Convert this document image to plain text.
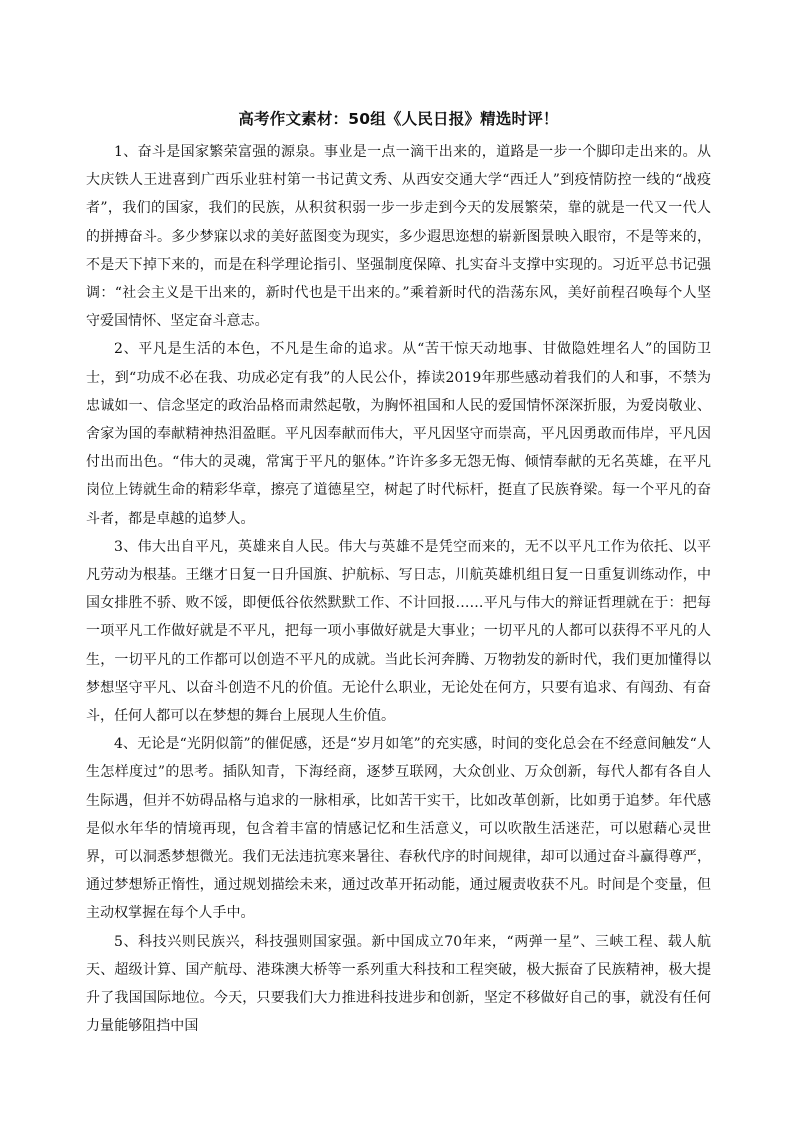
高考作文素材：50组《人民日报》精选时评！

1、奋斗是国家繁荣富强的源泉。事业是一点一滴干出来的，道路是一步一个脚印走出来的。从大庆铁人王进喜到广西乐业驻村第一书记黄文秀、从西安交通大学“西迁人”到疫情防控一线的“战疫者”，我们的国家，我们的民族，从积贫积弱一步一步走到今天的发展繁荣，靠的就是一代又一代人的拼搏奋斗。多少梦寐以求的美好蓝图变为现实，多少遐思迩想的崭新图景映入眼帘，不是等来的，不是天下掉下来的，而是在科学理论指引、坚强制度保障、扎实奋斗支撑中实现的。习近平总书记强调：“社会主义是干出来的，新时代也是干出来的。”乘着新时代的浩荡东风，美好前程召唤每个人坚守爱国情怀、坚定奋斗意志。

2、平凡是生活的本色，不凡是生命的追求。从“苦干惊天动地事、甘做隐姓埋名人”的国防卫士，到“功成不必在我、功成必定有我”的人民公仆，捧读2019年那些感动着我们的人和事，不禁为忠诚如一、信念坚定的政治品格而肃然起敬，为胸怀祖国和人民的爱国情怀深深折服，为爱岗敬业、舍家为国的奉献精神热泪盈眶。平凡因奉献而伟大，平凡因坚守而崇高，平凡因勇敢而伟岸，平凡因付出而出色。“伟大的灵魂，常寓于平凡的躯体。”许许多多无怨无悔、倾情奉献的无名英雄，在平凡岗位上铸就生命的精彩华章，擦亮了道德星空，树起了时代标杆，挺直了民族脊梁。每一个平凡的奋斗者，都是卓越的追梦人。

3、伟大出自平凡，英雄来自人民。伟大与英雄不是凭空而来的，无不以平凡工作为依托、以平凡劳动为根基。王继才日复一日升国旗、护航标、写日志，川航英雄机组日复一日重复训练动作，中国女排胜不骄、败不馁，即便低谷依然默默工作、不计回报……平凡与伟大的辩证哲理就在于：把每一项平凡工作做好就是不平凡，把每一项小事做好就是大事业；一切平凡的人都可以获得不平凡的人生，一切平凡的工作都可以创造不平凡的成就。当此长河奔腾、万物勃发的新时代，我们更加懂得以梦想坚守平凡、以奋斗创造不凡的价值。无论什么职业，无论处在何方，只要有追求、有闯劲、有奋斗，任何人都可以在梦想的舞台上展现人生价值。

4、无论是“光阴似箭”的催促感，还是“岁月如笔”的充实感，时间的变化总会在不经意间触发“人生怎样度过”的思考。插队知青，下海经商，逐梦互联网，大众创业、万众创新，每代人都有各自人生际遇，但并不妨碍品格与追求的一脉相承，比如苦干实干，比如改革创新，比如勇于追梦。年代感是似水年华的情境再现，包含着丰富的情感记忆和生活意义，可以吹散生活迷茫，可以慰藉心灵世界，可以洞悉梦想微光。我们无法违抗寒来暑往、春秋代序的时间规律，却可以通过奋斗赢得尊严，通过梦想矫正惰性，通过规划描绘未来，通过改革开拓动能，通过履责收获不凡。时间是个变量，但主动权掌握在每个人手中。

5、科技兴则民族兴，科技强则国家强。新中国成立70年来，“两弹一星”、三峡工程、载人航天、超级计算、国产航母、港珠澳大桥等一系列重大科技和工程突破，极大振奋了民族精神，极大提升了我国国际地位。今天，只要我们大力推进科技进步和创新，坚定不移做好自己的事，就没有任何力量能够阻挡中国
